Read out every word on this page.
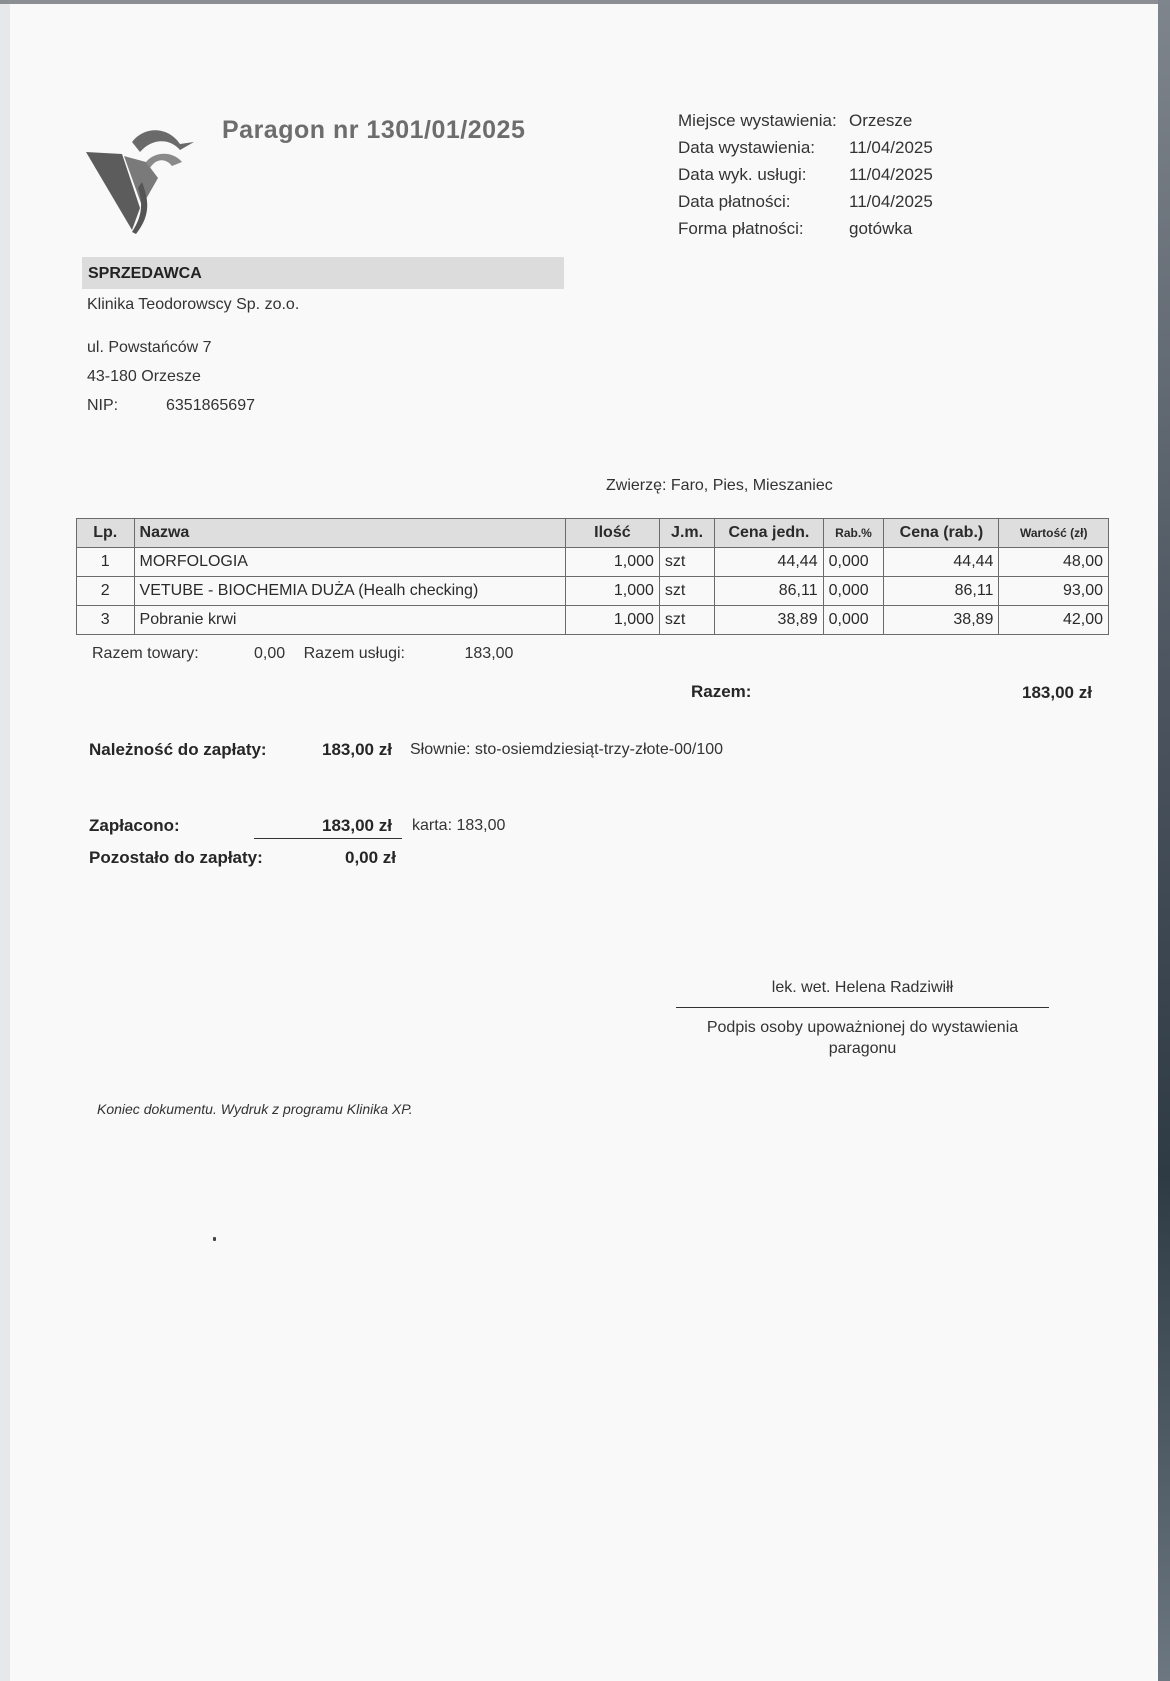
Paragon nr 1301/01/2025	Miejsce wystawienia: Orzesze
Data wystawienia:	11/04/2025
Data wyk. usługi:	11/04/2025
Data płatności:	11/04/2025
Forma płatności:	gotówka
SPRZEDAWCA
Klinika Teodorowscy Sp. zo.o.
ul. Powstańców 7
43-180 Orzesze
NIP:	6351865697
Zwierzę: Faro, Pies, Mieszaniec
Lp.	Nazwa	Ilość	J.m.	Cena jedn.	Rab.%	Cena (rab.)	Wartość (zł)
1	MORFOLOGIA	1,000	szt	44,44	0,000	44,44	48,00
2	VETUBE - BIOCHEMIA DUŻA (Healh checking)	1,000	szt	86,11	0,000	86,11	93,00
3	Pobranie krwi	1,000	szt	38,89	0,000	38,89	42,00
Razem towary:	0,00 Razem usługi:	183,00
Razem:	183,00 zł
Należność do zapłaty:	183,00 zł Słownie: sto-osiemdziesiąt-trzy-złote-00/100
Zapłacono:	183,00 zł karta: 183,00
Pozostało do zapłaty:	0,00 zł
lek. wet. Helena Radziwiłł
Podpis osoby upoważnionej do wystawienia
paragonu
Koniec dokumentu. Wydruk z programu Klinika XP.
